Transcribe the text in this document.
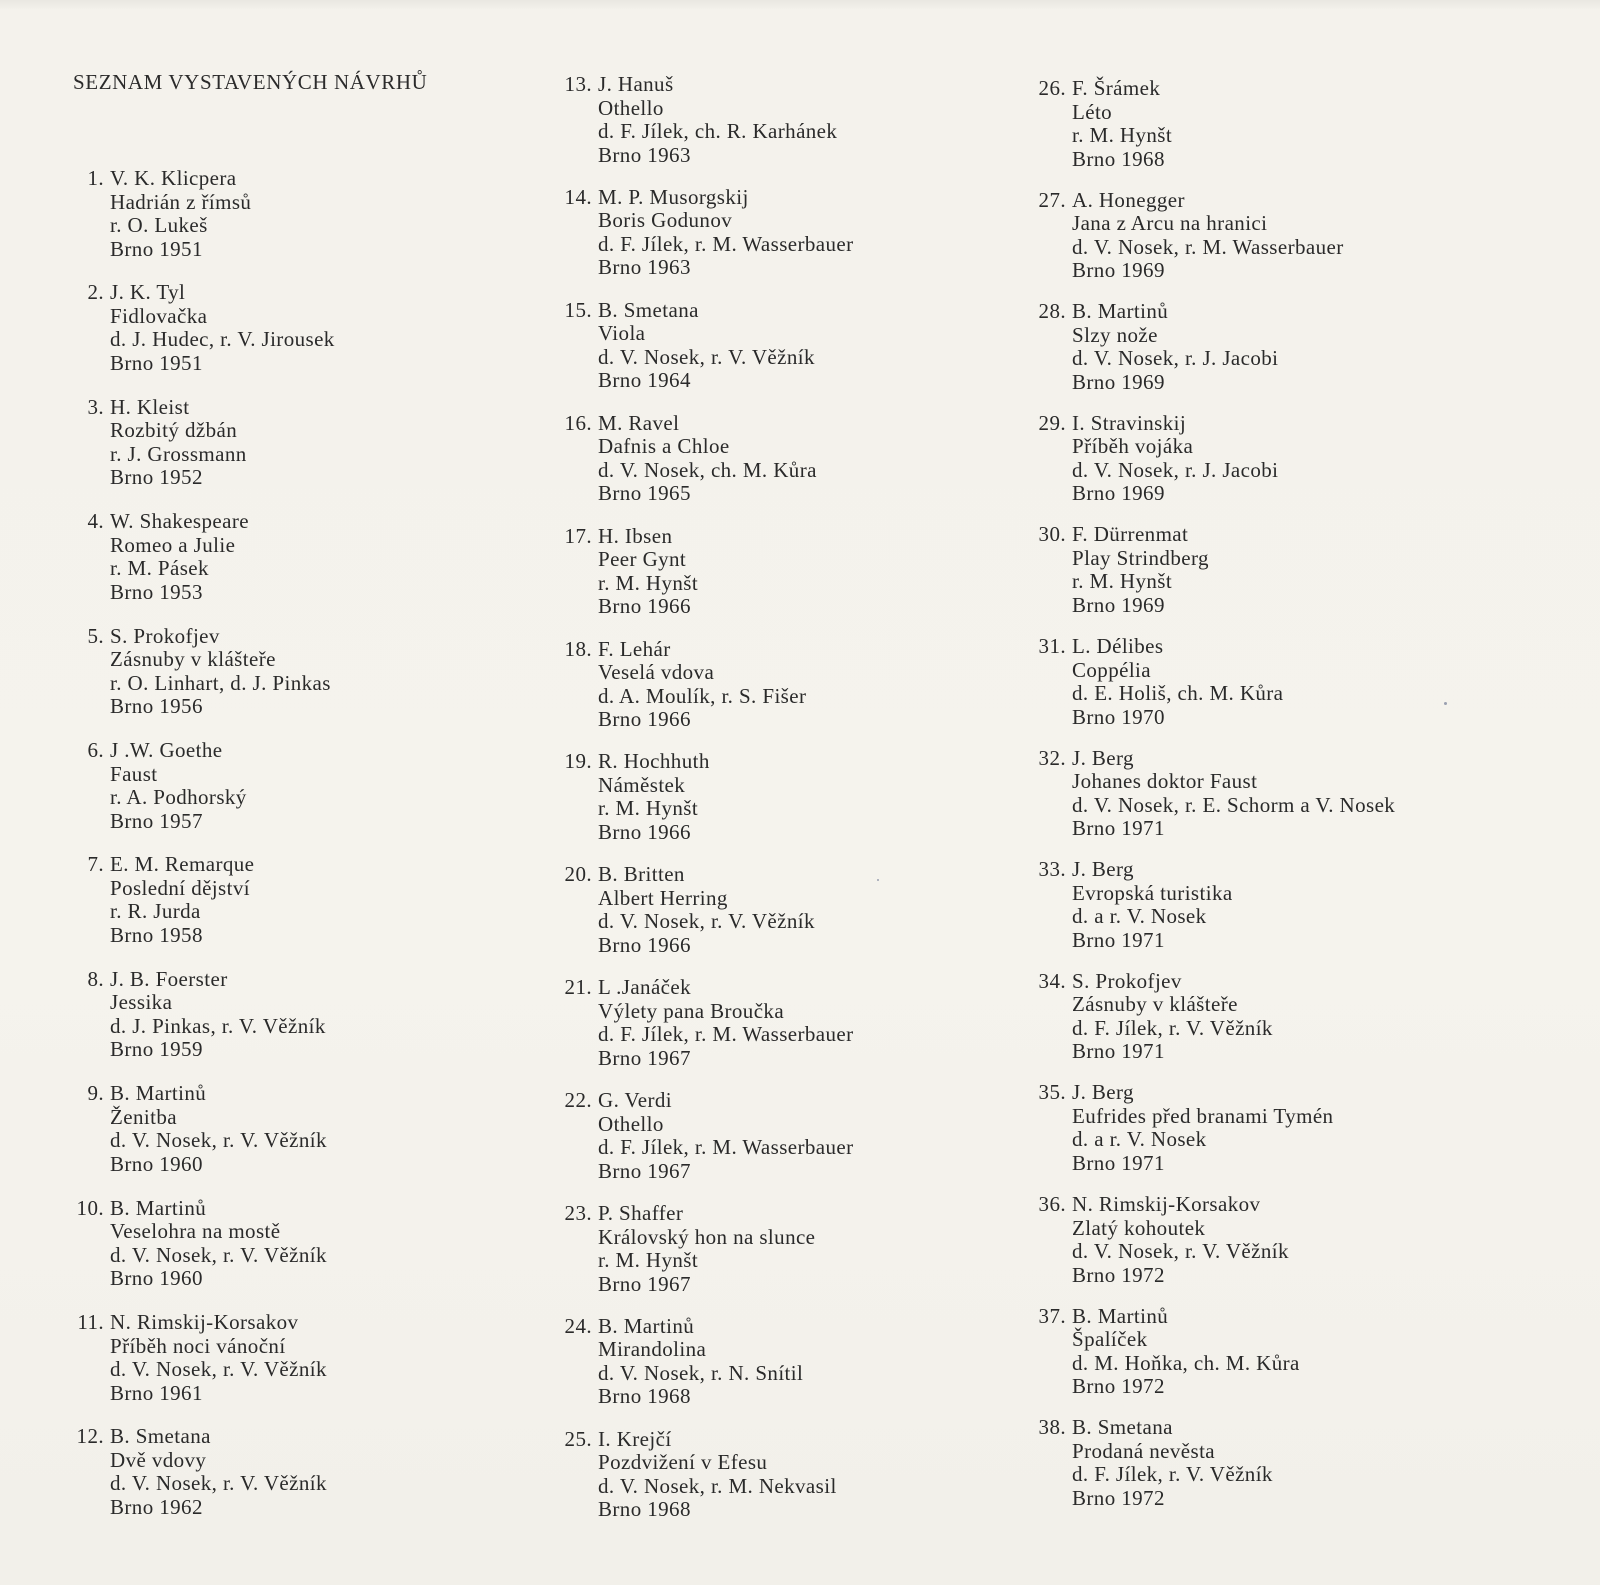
SEZNAM VYSTAVENÝCH NÁVRHŮ
1. V. K. Klicpera
Hadrián z římsů
r. O. Lukeš
Brno 1951
2. J. K. Tyl
Fidlovačka
d. J. Hudec, r. V. Jirousek
Brno 1951
3. H. Kleist
Rozbitý džbán
r. J. Grossmann
Brno 1952
4. W. Shakespeare
Romeo a Julie
r. M. Pásek
Brno 1953
5. S. Prokofjev
Zásnuby v klášteře
r. O. Linhart, d. J. Pinkas
Brno 1956
6. J .W. Goethe
Faust
r. A. Podhorský
Brno 1957
7. E. M. Remarque
Poslední dějství
r. R. Jurda
Brno 1958
8. J. B. Foerster
Jessika
d. J. Pinkas, r. V. Věžník
Brno 1959
9. B. Martinů
Ženitba
d. V. Nosek, r. V. Věžník
Brno 1960
10. B. Martinů
Veselohra na mostě
d. V. Nosek, r. V. Věžník
Brno 1960
11. N. Rimskij-Korsakov
Příběh noci vánoční
d. V. Nosek, r. V. Věžník
Brno 1961
12. B. Smetana
Dvě vdovy
d. V. Nosek, r. V. Věžník
Brno 1962
13. J. Hanuš
Othello
d. F. Jílek, ch. R. Karhánek
Brno 1963
14. M. P. Musorgskij
Boris Godunov
d. F. Jílek, r. M. Wasserbauer
Brno 1963
15. B. Smetana
Viola
d. V. Nosek, r. V. Věžník
Brno 1964
16. M. Ravel
Dafnis a Chloe
d. V. Nosek, ch. M. Kůra
Brno 1965
17. H. Ibsen
Peer Gynt
r. M. Hynšt
Brno 1966
18. F. Lehár
Veselá vdova
d. A. Moulík, r. S. Fišer
Brno 1966
19. R. Hochhuth
Náměstek
r. M. Hynšt
Brno 1966
20. B. Britten
Albert Herring
d. V. Nosek, r. V. Věžník
Brno 1966
21. L .Janáček
Výlety pana Broučka
d. F. Jílek, r. M. Wasserbauer
Brno 1967
22. G. Verdi
Othello
d. F. Jílek, r. M. Wasserbauer
Brno 1967
23. P. Shaffer
Královský hon na slunce
r. M. Hynšt
Brno 1967
24. B. Martinů
Mirandolina
d. V. Nosek, r. N. Snítil
Brno 1968
25. I. Krejčí
Pozdvižení v Efesu
d. V. Nosek, r. M. Nekvasil
Brno 1968
26. F. Šrámek
Léto
r. M. Hynšt
Brno 1968
27. A. Honegger
Jana z Arcu na hranici
d. V. Nosek, r. M. Wasserbauer
Brno 1969
28. B. Martinů
Slzy nože
d. V. Nosek, r. J. Jacobi
Brno 1969
29. I. Stravinskij
Příběh vojáka
d. V. Nosek, r. J. Jacobi
Brno 1969
30. F. Dürrenmat
Play Strindberg
r. M. Hynšt
Brno 1969
31. L. Délibes
Coppélia
d. E. Holiš, ch. M. Kůra
Brno 1970
32. J. Berg
Johanes doktor Faust
d. V. Nosek, r. E. Schorm a V. Nosek
Brno 1971
33. J. Berg
Evropská turistika
d. a r. V. Nosek
Brno 1971
34. S. Prokofjev
Zásnuby v klášteře
d. F. Jílek, r. V. Věžník
Brno 1971
35. J. Berg
Eufrides před branami Tymén
d. a r. V. Nosek
Brno 1971
36. N. Rimskij-Korsakov
Zlatý kohoutek
d. V. Nosek, r. V. Věžník
Brno 1972
37. B. Martinů
Špalíček
d. M. Hoňka, ch. M. Kůra
Brno 1972
38. B. Smetana
Prodaná nevěsta
d. F. Jílek, r. V. Věžník
Brno 1972
